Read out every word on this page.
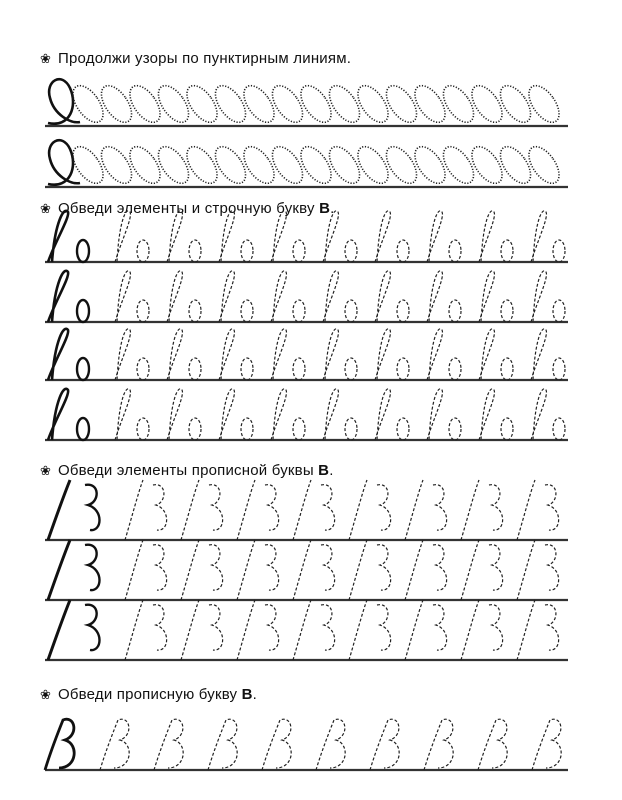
❀ Продолжи узоры по пунктирным линиям.
❀ Обведи элементы и строчную букву В.
❀ Обведи элементы прописной буквы В.
❀ Обведи прописную букву В.
